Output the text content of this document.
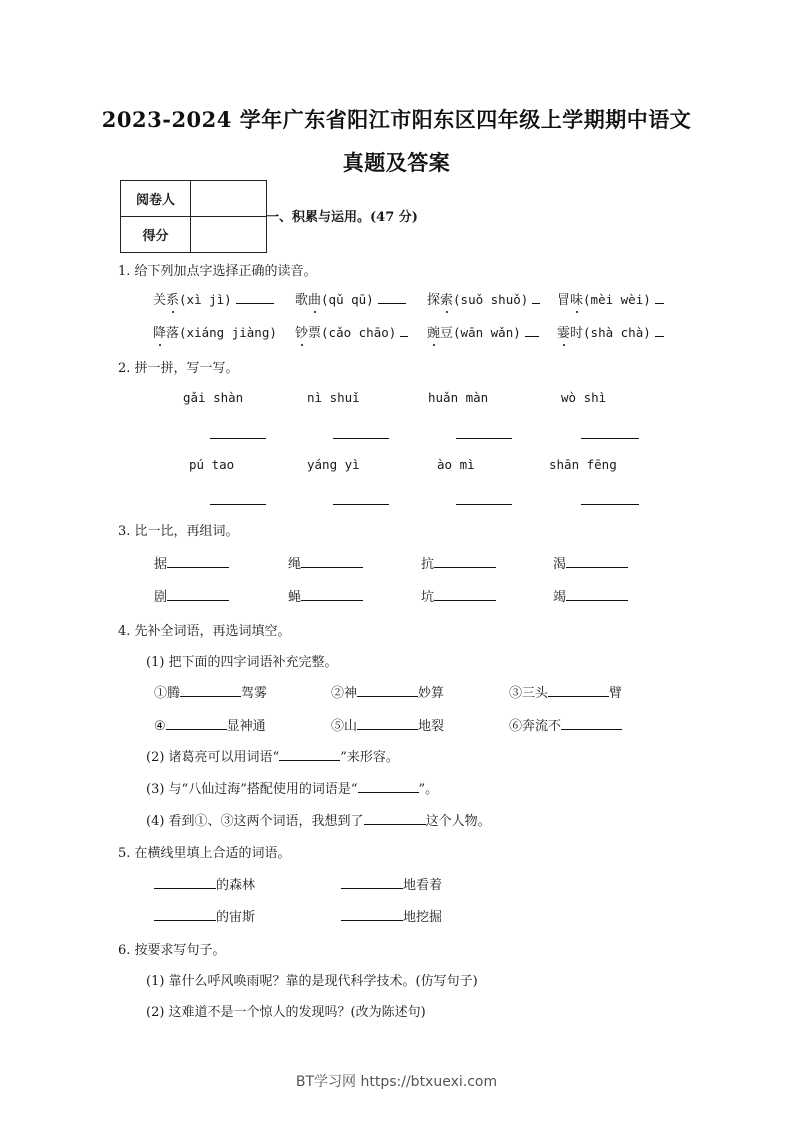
2023-2024 学年广东省阳江市阳东区四年级上学期期中语文
真题及答案
阅卷人	
得分	
一、积累与运用。(47 分)
1. 给下列加点字选择正确的读音。
关系(xì jì)	歌曲(qǔ qū)	探索(suǒ shuǒ)	冒味(mèi wèi)
降落(xiáng jiàng) 钞票(cǎo chāo)	豌豆(wān wǎn)	霎时(shà chà)
2. 拼一拼，写一写。
gǎi shàn	nì shuǐ	huǎn màn	wò shì
pú tao	yáng yì	ào mì	shān fēng
3. 比一比，再组词。
据	绳	抗	渴
剧	蝇	坑	竭
4. 先补全词语，再选词填空。
(1) 把下面的四字词语补充完整。
①腾	驾雾	②神	妙算	③三头	臂
④	显神通	⑤山	地裂	⑥奔流不
(2) 诸葛亮可以用词语“	”来形容。
(3) 与“八仙过海”搭配使用的词语是“	”。
(4) 看到①、③这两个词语，我想到了	这个人物。
5. 在横线里填上合适的词语。
的森林	地看着
的宙斯	地挖掘
6. 按要求写句子。
(1) 靠什么呼风唤雨呢？靠的是现代科学技术。(仿写句子)
(2) 这难道不是一个惊人的发现吗？(改为陈述句)
BT学习网 https://btxuexi.com
